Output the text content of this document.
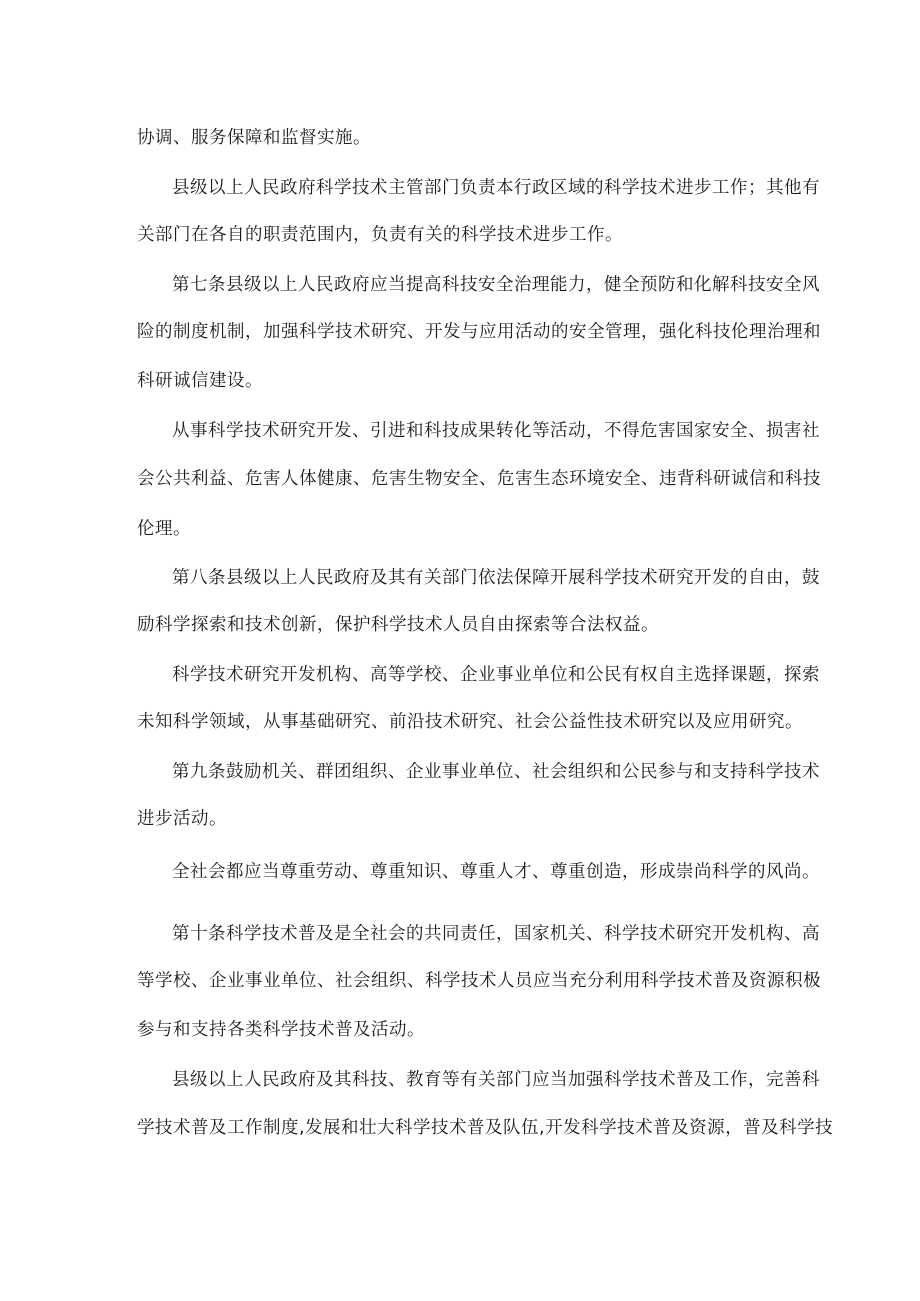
协调、服务保障和监督实施。
县级以上人民政府科学技术主管部门负责本行政区域的科学技术进步工作；其他有
关部门在各自的职责范围内，负责有关的科学技术进步工作。
第七条县级以上人民政府应当提高科技安全治理能力，健全预防和化解科技安全风
险的制度机制，加强科学技术研究、开发与应用活动的安全管理，强化科技伦理治理和
科研诚信建设。
从事科学技术研究开发、引进和科技成果转化等活动，不得危害国家安全、损害社
会公共利益、危害人体健康、危害生物安全、危害生态环境安全、违背科研诚信和科技
伦理。
第八条县级以上人民政府及其有关部门依法保障开展科学技术研究开发的自由，鼓
励科学探索和技术创新，保护科学技术人员自由探索等合法权益。
科学技术研究开发机构、高等学校、企业事业单位和公民有权自主选择课题，探索
未知科学领域，从事基础研究、前沿技术研究、社会公益性技术研究以及应用研究。
第九条鼓励机关、群团组织、企业事业单位、社会组织和公民参与和支持科学技术
进步活动。
全社会都应当尊重劳动、尊重知识、尊重人才、尊重创造，形成崇尚科学的风尚。
第十条科学技术普及是全社会的共同责任，国家机关、科学技术研究开发机构、高
等学校、企业事业单位、社会组织、科学技术人员应当充分利用科学技术普及资源积极
参与和支持各类科学技术普及活动。
县级以上人民政府及其科技、教育等有关部门应当加强科学技术普及工作，完善科
学技术普及工作制度,发展和壮大科学技术普及队伍,开发科学技术普及资源，普及科学技
